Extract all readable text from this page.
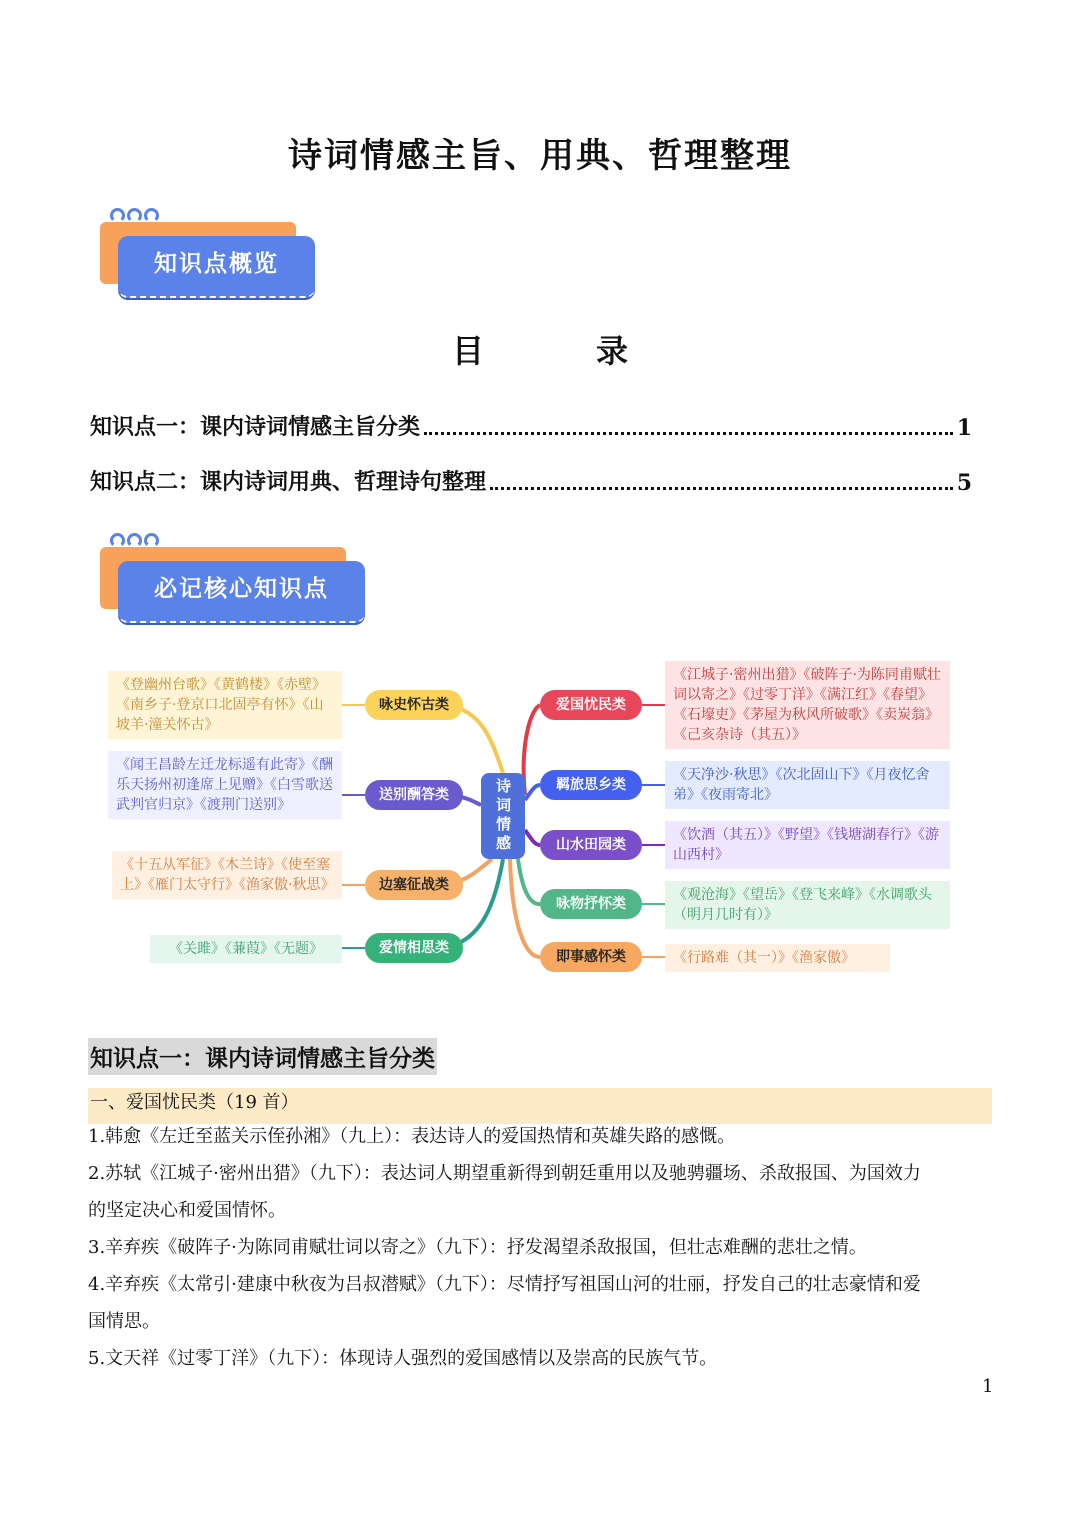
诗词情感主旨、用典、哲理整理
知识点概览
目　录
知识点一：课内诗词情感主旨分类	1
知识点二：课内诗词用典、哲理诗句整理	5
必记核心知识点
诗词情感
《登幽州台歌》《黄鹤楼》《赤壁》《南乡子·登京口北固亭有怀》《山坡羊·潼关怀古》
咏史怀古类
《闻王昌龄左迁龙标遥有此寄》《酬乐天扬州初逢席上见赠》《白雪歌送武判官归京》《渡荆门送别》
送别酬答类
《十五从军征》《木兰诗》《使至塞上》《雁门太守行》《渔家傲·秋思》	边塞征战类
《关雎》《蒹葭》《无题》	爱情相思类
爱国忧民类
《江城子·密州出猎》《破阵子·为陈同甫赋壮词以寄之》《过零丁洋》《满江红》《春望》《石壕吏》《茅屋为秋风所破歌》《卖炭翁》《己亥杂诗（其五）》
羁旅思乡类
《天净沙·秋思》《次北固山下》《月夜忆舍弟》《夜雨寄北》
山水田园类
《饮酒（其五）》《野望》《钱塘湖春行》《游山西村》
咏物抒怀类
《观沧海》《望岳》《登飞来峰》《水调歌头（明月几时有）》
即事感怀类	《行路难（其一）》《渔家傲》
知识点一：课内诗词情感主旨分类
一、爱国忧民类（19 首）
1.韩愈《左迁至蓝关示侄孙湘》（九上）：表达诗人的爱国热情和英雄失路的感慨。
2.苏轼《江城子·密州出猎》（九下）：表达词人期望重新得到朝廷重用以及驰骋疆场、杀敌报国、为国效力
的坚定决心和爱国情怀。
3.辛弃疾《破阵子·为陈同甫赋壮词以寄之》（九下）：抒发渴望杀敌报国，但壮志难酬的悲壮之情。
4.辛弃疾《太常引·建康中秋夜为吕叔潜赋》（九下）：尽情抒写祖国山河的壮丽，抒发自己的壮志豪情和爱
国情思。
5.文天祥《过零丁洋》（九下）：体现诗人强烈的爱国感情以及崇高的民族气节。
1
